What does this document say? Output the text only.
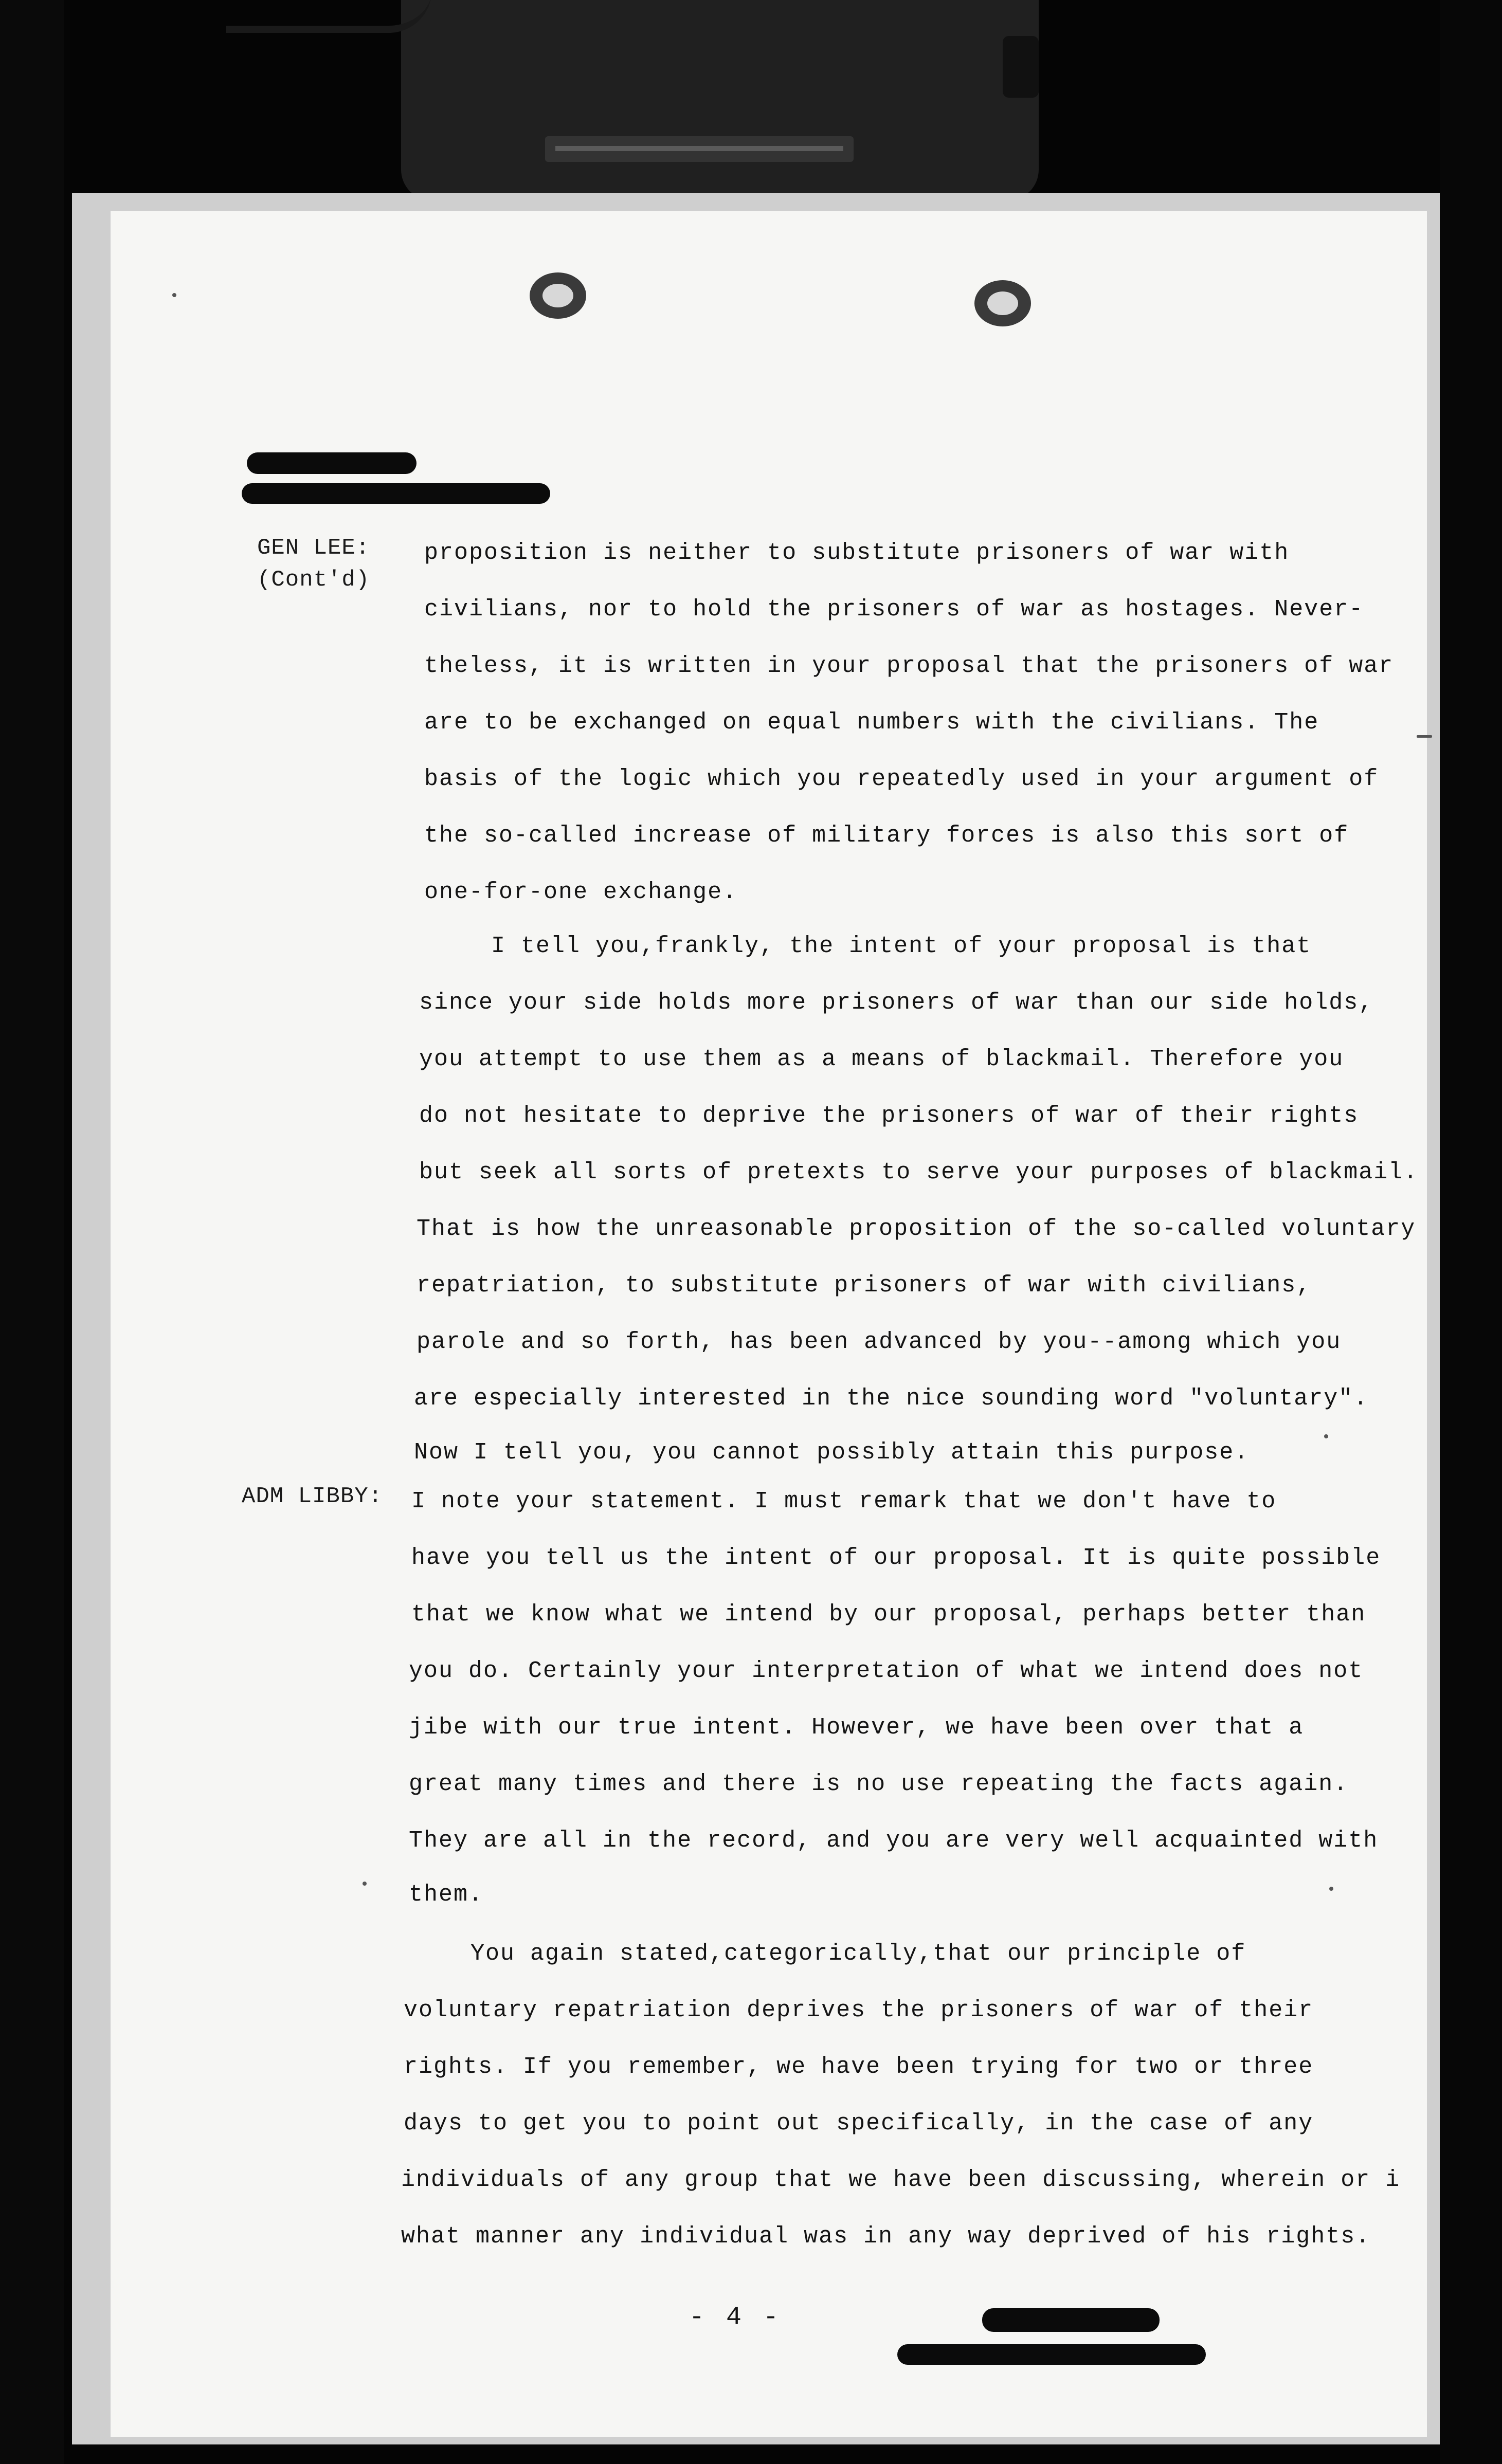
GEN LEE:
(Cont'd)
ADM LIBBY:
proposition is neither to substitute prisoners of war with
civilians, nor to hold the prisoners of war as hostages. Never-
theless, it is written in your proposal that the prisoners of war
are to be exchanged on equal numbers with the civilians. The
basis of the logic which you repeatedly used in your argument of
the so-called increase of military forces is also this sort of
one-for-one exchange.
I tell you,frankly, the intent of your proposal is that
since your side holds more prisoners of war than our side holds,
you attempt to use them as a means of blackmail. Therefore you
do not hesitate to deprive the prisoners of war of their rights
but seek all sorts of pretexts to serve your purposes of blackmail.
That is how the unreasonable proposition of the so-called voluntary
repatriation, to substitute prisoners of war with civilians,
parole and so forth, has been advanced by you--among which you
are especially interested in the nice sounding word "voluntary".
Now I tell you, you cannot possibly attain this purpose.
I note your statement. I must remark that we don't have to
have you tell us the intent of our proposal. It is quite possible
that we know what we intend by our proposal, perhaps better than
you do. Certainly your interpretation of what we intend does not
jibe with our true intent. However, we have been over that a
great many times and there is no use repeating the facts again.
They are all in the record, and you are very well acquainted with
them.
You again stated,categorically,that our principle of
voluntary repatriation deprives the prisoners of war of their
rights. If you remember, we have been trying for two or three
days to get you to point out specifically, in the case of any
individuals of any group that we have been discussing, wherein or i
what manner any individual was in any way deprived of his rights.
- 4 -
